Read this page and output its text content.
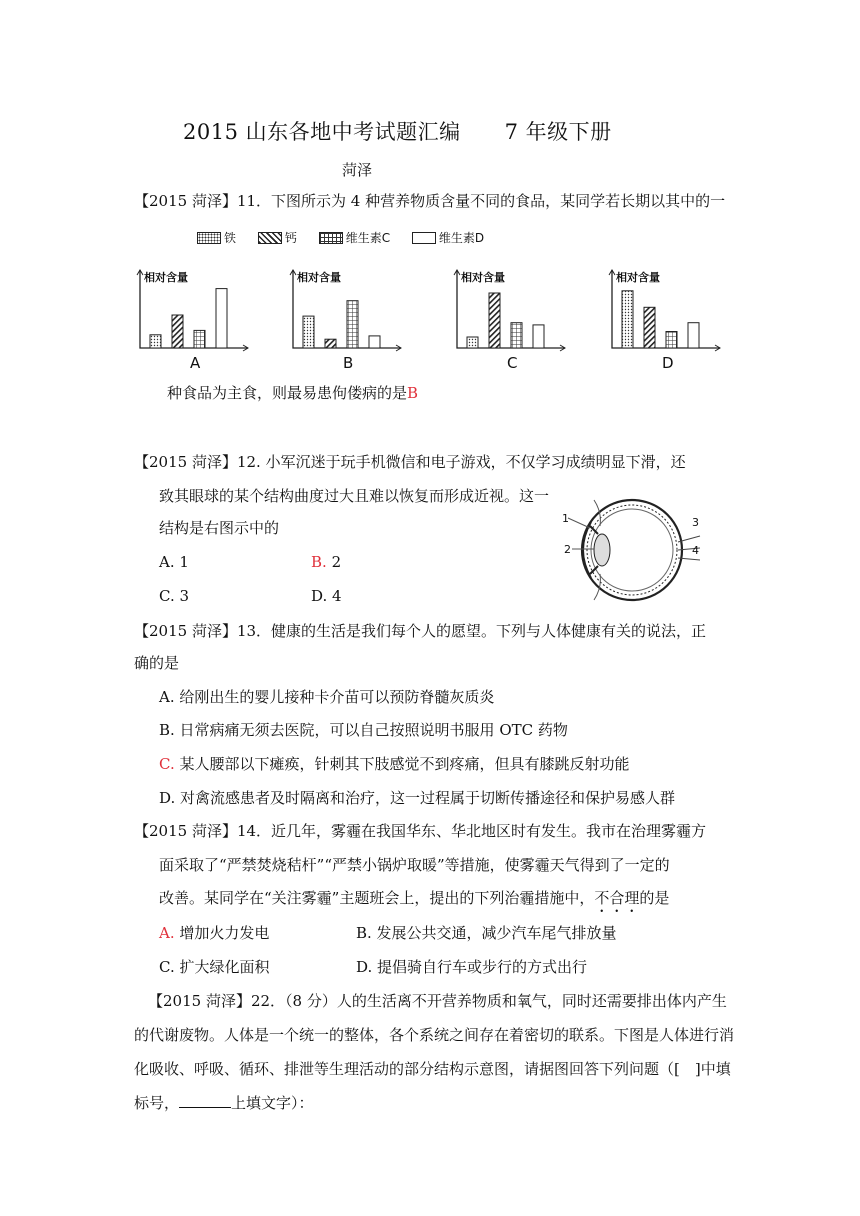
2015 山东各地中考试题汇编 7 年级下册
菏泽
【2015 菏泽】11．下图所示为 4 种营养物质含量不同的食品，某同学若长期以其中的一
铁
	钙
	维生素C
	维生素D
相对含量
A
相对含量
B
相对含量
C
相对含量
D
种食品为主食，则最易患佝偻病的是B
【2015 菏泽】12. 小军沉迷于玩手机微信和电子游戏，不仅学习成绩明显下滑，还
致其眼球的某个结构曲度过大且难以恢复而形成近视。这一
结构是右图示中的
A. 1	B. 2
C. 3	D. 4
1
2
3
4
【2015 菏泽】13．健康的生活是我们每个人的愿望。下列与人体健康有关的说法，正
确的是
A. 给刚出生的婴儿接种卡介苗可以预防脊髓灰质炎
B. 日常病痛无须去医院，可以自己按照说明书服用 OTC 药物
C. 某人腰部以下瘫痪，针刺其下肢感觉不到疼痛，但具有膝跳反射功能
D. 对禽流感患者及时隔离和治疗，这一过程属于切断传播途径和保护易感人群
【2015 菏泽】14．近几年，雾霾在我国华东、华北地区时有发生。我市在治理雾霾方
面采取了“严禁焚烧秸杆”“严禁小锅炉取暖”等措施，使雾霾天气得到了一定的
改善。某同学在“关注雾霾”主题班会上，提出的下列治霾措施中，不合理的是
A. 增加火力发电	B. 发展公共交通，减少汽车尾气排放量
C. 扩大绿化面积	D. 提倡骑自行车或步行的方式出行
【2015 菏泽】22．（8 分）人的生活离不开营养物质和氧气，同时还需要排出体内产生
的代谢废物。人体是一个统一的整体，各个系统之间存在着密切的联系。下图是人体进行消
化吸收、呼吸、循环、排泄等生理活动的部分结构示意图，请据图回答下列问题（[　]中填
标号，	上填文字）：
